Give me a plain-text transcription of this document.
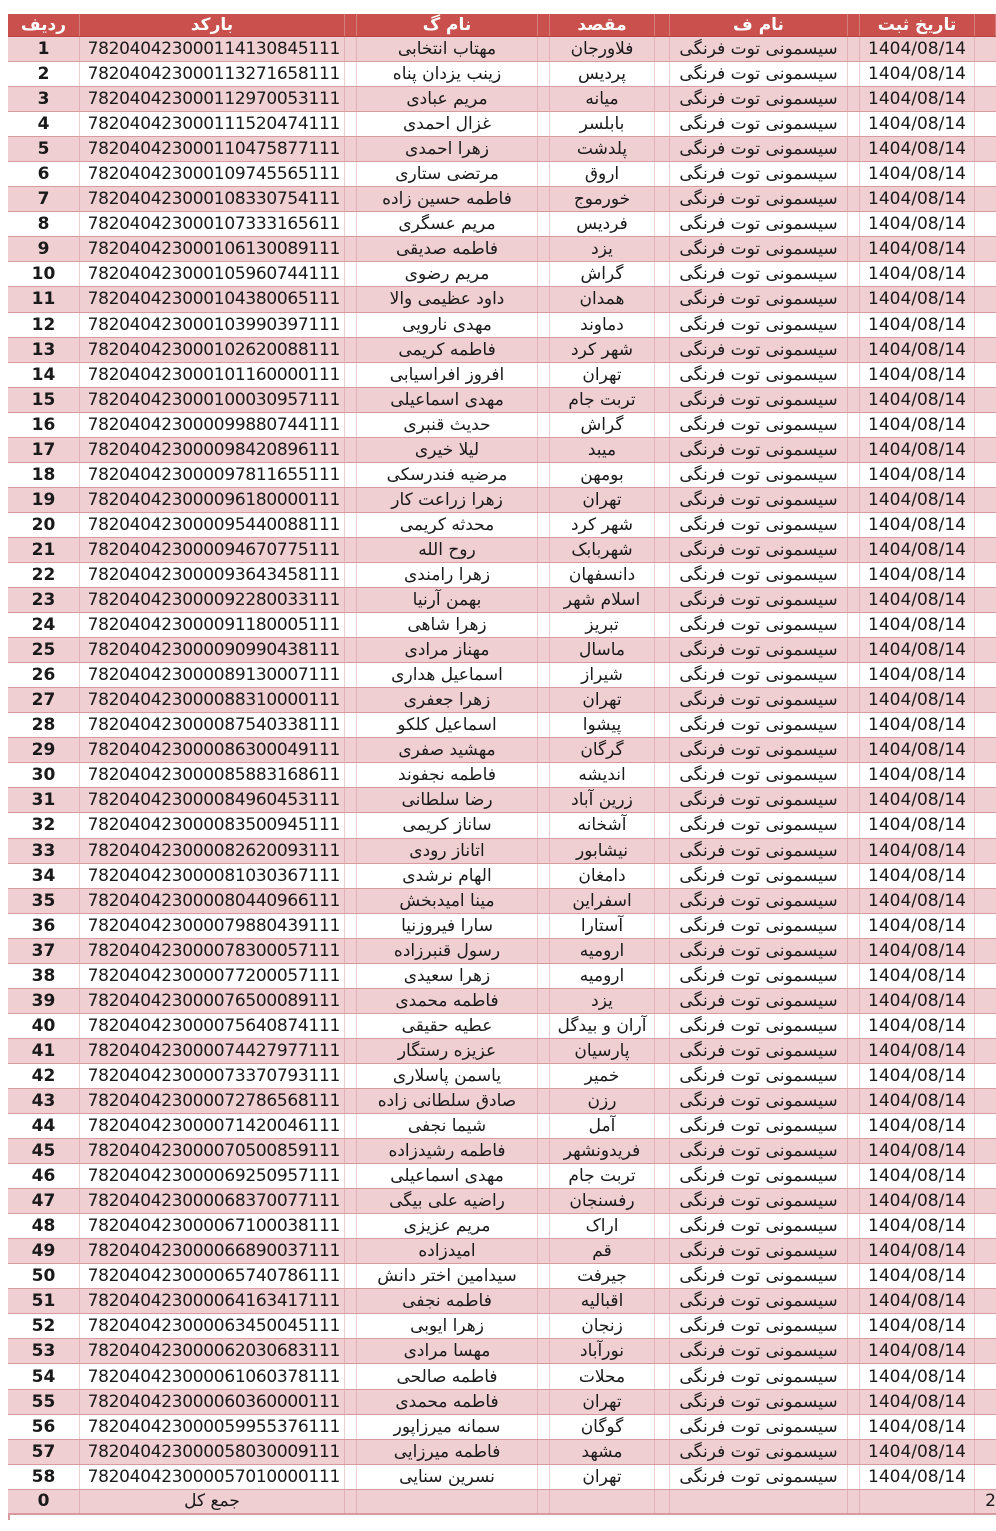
ردیف	بارکد	نام گ	مقصد	نام ف	تاریخ ثبت
1	782040423000114130845111	مهتاب انتخابی	فلاورجان	سیسمونی توت فرنگی	1404/08/14
2	782040423000113271658111	زینب یزدان پناه	پردیس	سیسمونی توت فرنگی	1404/08/14
3	782040423000112970053111	مریم عبادی	میانه	سیسمونی توت فرنگی	1404/08/14
4	782040423000111520474111	غزال احمدی	بابلسر	سیسمونی توت فرنگی	1404/08/14
5	782040423000110475877111	زهرا احمدی	پلدشت	سیسمونی توت فرنگی	1404/08/14
6	782040423000109745565111	مرتضی ستاری	اروق	سیسمونی توت فرنگی	1404/08/14
7	782040423000108330754111	فاطمه حسین زاده	خورموج	سیسمونی توت فرنگی	1404/08/14
8	782040423000107333165611	مریم عسگری	فردیس	سیسمونی توت فرنگی	1404/08/14
9	782040423000106130089111	فاطمه صدیقی	یزد	سیسمونی توت فرنگی	1404/08/14
10	782040423000105960744111	مریم رضوی	گراش	سیسمونی توت فرنگی	1404/08/14
11	782040423000104380065111	داود عظیمی والا	همدان	سیسمونی توت فرنگی	1404/08/14
12	782040423000103990397111	مهدی نارویی	دماوند	سیسمونی توت فرنگی	1404/08/14
13	782040423000102620088111	فاطمه کریمی	شهر کرد	سیسمونی توت فرنگی	1404/08/14
14	782040423000101160000111	افروز افراسیابی	تهران	سیسمونی توت فرنگی	1404/08/14
15	782040423000100030957111	مهدی اسماعیلی	تربت جام	سیسمونی توت فرنگی	1404/08/14
16	782040423000099880744111	حدیث قنبری	گراش	سیسمونی توت فرنگی	1404/08/14
17	782040423000098420896111	لیلا خیری	میبد	سیسمونی توت فرنگی	1404/08/14
18	782040423000097811655111	مرضیه فندرسکی	بومهن	سیسمونی توت فرنگی	1404/08/14
19	782040423000096180000111	زهرا زراعت کار	تهران	سیسمونی توت فرنگی	1404/08/14
20	782040423000095440088111	محدثه کریمی	شهر کرد	سیسمونی توت فرنگی	1404/08/14
21	782040423000094670775111	روح الله	شهربابک	سیسمونی توت فرنگی	1404/08/14
22	782040423000093643458111	زهرا رامندی	دانسفهان	سیسمونی توت فرنگی	1404/08/14
23	782040423000092280033111	بهمن آرنیا	اسلام شهر	سیسمونی توت فرنگی	1404/08/14
24	782040423000091180005111	زهرا شاهی	تبریز	سیسمونی توت فرنگی	1404/08/14
25	782040423000090990438111	مهناز مرادی	ماسال	سیسمونی توت فرنگی	1404/08/14
26	782040423000089130007111	اسماعیل هداری	شیراز	سیسمونی توت فرنگی	1404/08/14
27	782040423000088310000111	زهرا جعفری	تهران	سیسمونی توت فرنگی	1404/08/14
28	782040423000087540338111	اسماعیل کلکو	پیشوا	سیسمونی توت فرنگی	1404/08/14
29	782040423000086300049111	مهشید صفری	گرگان	سیسمونی توت فرنگی	1404/08/14
30	782040423000085883168611	فاطمه نجفوند	اندیشه	سیسمونی توت فرنگی	1404/08/14
31	782040423000084960453111	رضا سلطانی	زرین آباد	سیسمونی توت فرنگی	1404/08/14
32	782040423000083500945111	ساناز کریمی	آشخانه	سیسمونی توت فرنگی	1404/08/14
33	782040423000082620093111	اتاناز رودی	نیشابور	سیسمونی توت فرنگی	1404/08/14
34	782040423000081030367111	الهام نرشدی	دامغان	سیسمونی توت فرنگی	1404/08/14
35	782040423000080440966111	مینا امیدبخش	اسفراین	سیسمونی توت فرنگی	1404/08/14
36	782040423000079880439111	سارا فیروزنیا	آستارا	سیسمونی توت فرنگی	1404/08/14
37	782040423000078300057111	رسول قنبرزاده	ارومیه	سیسمونی توت فرنگی	1404/08/14
38	782040423000077200057111	زهرا سعیدی	ارومیه	سیسمونی توت فرنگی	1404/08/14
39	782040423000076500089111	فاطمه محمدی	یزد	سیسمونی توت فرنگی	1404/08/14
40	782040423000075640874111	عطیه حقیقی	آران و بیدگل	سیسمونی توت فرنگی	1404/08/14
41	782040423000074427977111	عزیزه رستگار	پارسیان	سیسمونی توت فرنگی	1404/08/14
42	782040423000073370793111	یاسمن پاسلاری	خمیر	سیسمونی توت فرنگی	1404/08/14
43	782040423000072786568111	صادق سلطانی زاده	رزن	سیسمونی توت فرنگی	1404/08/14
44	782040423000071420046111	شیما نجفی	آمل	سیسمونی توت فرنگی	1404/08/14
45	782040423000070500859111	فاطمه رشیدزاده	فریدونشهر	سیسمونی توت فرنگی	1404/08/14
46	782040423000069250957111	مهدی اسماعیلی	تربت جام	سیسمونی توت فرنگی	1404/08/14
47	782040423000068370077111	راضیه علی بیگی	رفسنجان	سیسمونی توت فرنگی	1404/08/14
48	782040423000067100038111	مریم عزیزی	اراک	سیسمونی توت فرنگی	1404/08/14
49	782040423000066890037111	امیدزاده	قم	سیسمونی توت فرنگی	1404/08/14
50	782040423000065740786111	سیدامین اختر دانش	جیرفت	سیسمونی توت فرنگی	1404/08/14
51	782040423000064163417111	فاطمه نجفی	اقبالیه	سیسمونی توت فرنگی	1404/08/14
52	782040423000063450045111	زهرا ایوبی	زنجان	سیسمونی توت فرنگی	1404/08/14
53	782040423000062030683111	مهسا مرادی	نورآباد	سیسمونی توت فرنگی	1404/08/14
54	782040423000061060378111	فاطمه صالحی	محلات	سیسمونی توت فرنگی	1404/08/14
55	782040423000060360000111	فاطمه محمدی	تهران	سیسمونی توت فرنگی	1404/08/14
56	782040423000059955376111	سمانه میرزاپور	گوگان	سیسمونی توت فرنگی	1404/08/14
57	782040423000058030009111	فاطمه میرزایی	مشهد	سیسمونی توت فرنگی	1404/08/14
58	782040423000057010000111	نسرین سنایی	تهران	سیسمونی توت فرنگی	1404/08/14
0	جمع کل	2
